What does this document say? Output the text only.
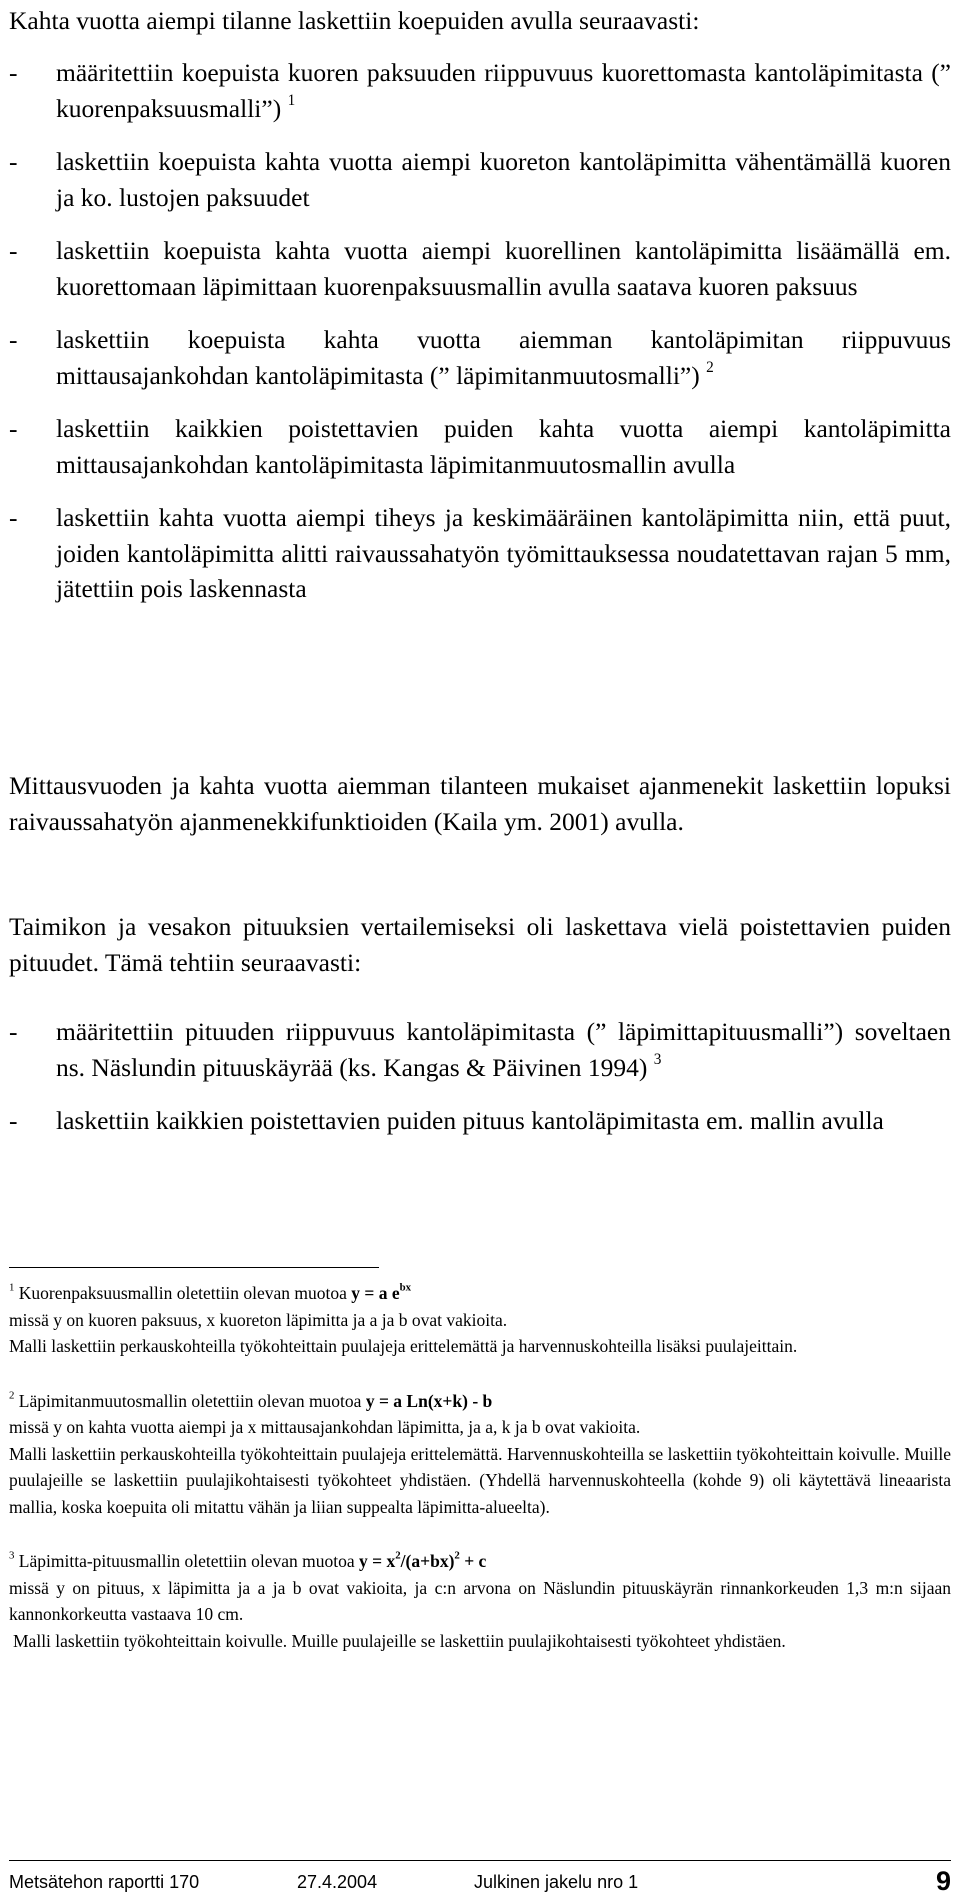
Kahta vuotta aiempi tilanne laskettiin koepuiden avulla seuraavasti:

-	määritettiin koepuista kuoren paksuuden riippuvuus kuorettomasta kantoläpimitasta (” kuorenpaksuusmalli”) $^1$
-	laskettiin koepuista kahta vuotta aiempi kuoreton kantoläpimitta vähentämällä kuoren ja ko. lustojen paksuudet
-	laskettiin koepuista kahta vuotta aiempi kuorellinen kantoläpimitta lisäämällä em. kuorettomaan läpimittaan kuorenpaksuusmallin avulla saatava kuoren paksuus
-	laskettiin koepuista kahta vuotta aiemman kantoläpimitan riippuvuus mittausajankohdan kantoläpimitasta (” läpimitanmuutosmalli”) $^2$
-	laskettiin kaikkien poistettavien puiden kahta vuotta aiempi kantoläpimitta mittausajankohdan kantoläpimitasta läpimitanmuutosmallin avulla
-	laskettiin kahta vuotta aiempi tiheys ja keskimääräinen kantoläpimitta niin, että puut, joiden kantoläpimitta alitti raivaussahatyön työmittauksessa noudatettavan rajan 5 mm, jätettiin pois laskennasta

Mittausvuoden ja kahta vuotta aiemman tilanteen mukaiset ajanmenekit laskettiin lopuksi raivaussahatyön ajanmenekkifunktioiden (Kaila ym. 2001) avulla.

Taimikon ja vesakon pituuksien vertailemiseksi oli laskettava vielä poistettavien puiden pituudet. Tämä tehtiin seuraavasti:

-	määritettiin pituuden riippuvuus kantoläpimitasta (” läpimittapituusmalli”) soveltaen ns. Näslundin pituuskäyrää (ks. Kangas & Päivinen 1994) $^3$
-	laskettiin kaikkien poistettavien puiden pituus kantoläpimitasta em. mallin avulla
$^1$ Kuorenpaksuusmallin oletettiin olevan muotoa y = a $e^{bx}$

missä y on kuoren paksuus, x kuoreton läpimitta ja a ja b ovat vakioita.

Malli laskettiin perkauskohteilla työkohteittain puulajeja erittelemättä ja harvennuskohteilla lisäksi puulajeittain.

$^2$ Läpimitanmuutosmallin oletettiin olevan muotoa y = a Ln(x+k) - b

missä y on kahta vuotta aiempi ja x mittausajankohdan läpimitta, ja a, k ja b ovat vakioita.

Malli laskettiin perkauskohteilla työkohteittain puulajeja erittelemättä. Harvennuskohteilla se laskettiin työkohteittain koivulle. Muille puulajeille se laskettiin puulajikohtaisesti työkohteet yhdistäen. (Yhdellä harvennuskohteella (kohde 9) oli käytettävä lineaarista mallia, koska koepuita oli mitattu vähän ja liian suppealta läpimitta-alueelta).

$^3$ Läpimitta-pituusmallin oletettiin olevan muotoa $y = x^2/(a+bx)^2 + c$

missä y on pituus, x läpimitta ja a ja b ovat vakioita, ja c:n arvona on Näslundin pituuskäyrän rinnankorkeuden 1,3 m:n sijaan kannonkorkeutta vastaava 10 cm.

Malli laskettiin työkohteittain koivulle. Muille puulajeille se laskettiin puulajikohtaisesti työkohteet yhdistäen.

Metsätehon raportti 170	27.4.2004	Julkinen jakelu nro 1	9
